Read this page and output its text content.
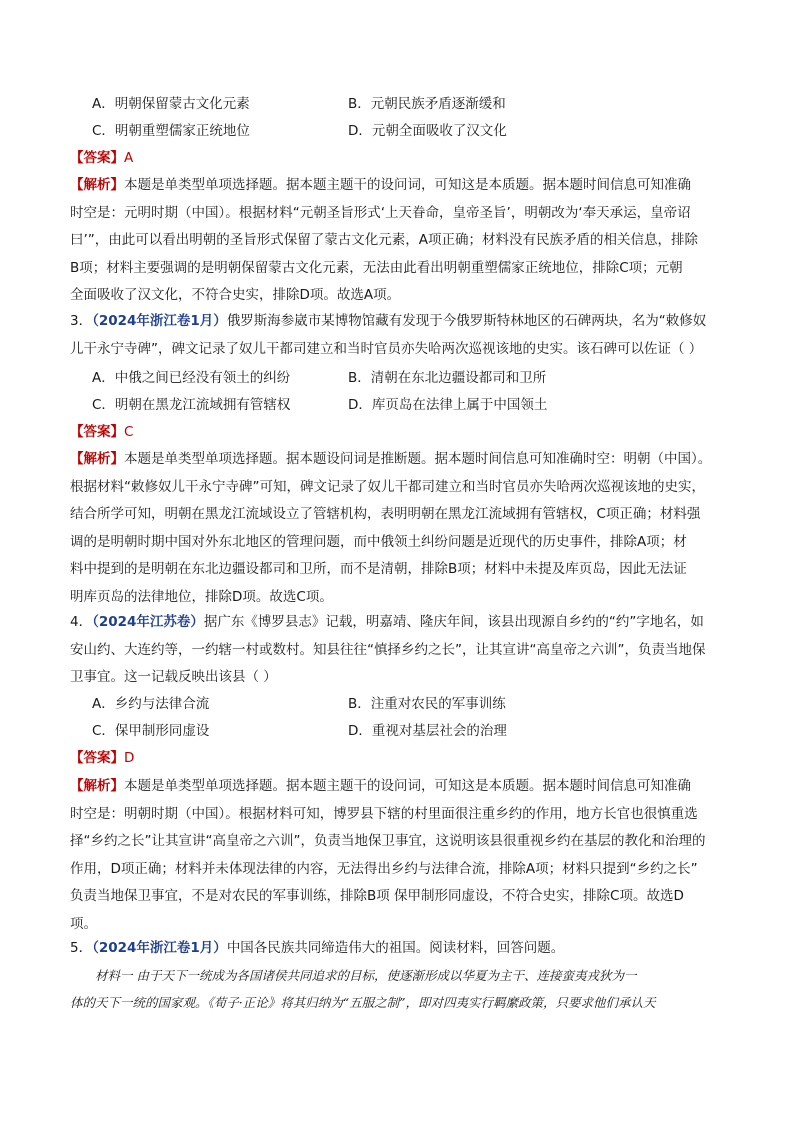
A．明朝保留蒙古文化元素	B．元朝民族矛盾逐渐缓和
C．明朝重塑儒家正统地位	D．元朝全面吸收了汉文化
【答案】A
【解析】本题是单类型单项选择题。据本题主题干的设问词，可知这是本质题。据本题时间信息可知准确
时空是：元明时期（中国）。根据材料“元朝圣旨形式‘上天眷命，皇帝圣旨’，明朝改为‘奉天承运，皇帝诏
曰’”，由此可以看出明朝的圣旨形式保留了蒙古文化元素，A项正确；材料没有民族矛盾的相关信息，排除
B项；材料主要强调的是明朝保留蒙古文化元素，无法由此看出明朝重塑儒家正统地位，排除C项；元朝
全面吸收了汉文化，不符合史实，排除D项。故选A项。
3．（2024年浙江卷1月）俄罗斯海参崴市某博物馆藏有发现于今俄罗斯特林地区的石碑两块，名为“敕修奴
儿干永宁寺碑”，碑文记录了奴儿干都司建立和当时官员亦失哈两次巡视该地的史实。该石碑可以佐证（ ）
A．中俄之间已经没有领土的纠纷	B．清朝在东北边疆设都司和卫所
C．明朝在黑龙江流域拥有管辖权	D．库页岛在法律上属于中国领土
【答案】C
【解析】本题是单类型单项选择题。据本题设问词是推断题。据本题时间信息可知准确时空：明朝（中国）。
根据材料“敕修奴儿干永宁寺碑”可知，碑文记录了奴儿干都司建立和当时官员亦失哈两次巡视该地的史实，
结合所学可知，明朝在黑龙江流域设立了管辖机构，表明明朝在黑龙江流域拥有管辖权，C项正确；材料强
调的是明朝时期中国对外东北地区的管理问题，而中俄领土纠纷问题是近现代的历史事件，排除A项；材
料中提到的是明朝在东北边疆设都司和卫所，而不是清朝，排除B项；材料中未提及库页岛，因此无法证
明库页岛的法律地位，排除D项。故选C项。
4．（2024年江苏卷）据广东《博罗县志》记载，明嘉靖、隆庆年间，该县出现源自乡约的“约”字地名，如
安山约、大连约等，一约辖一村或数村。知县往往“慎择乡约之长”，让其宣讲“高皇帝之六训”，负责当地保
卫事宜。这一记载反映出该县（ ）
A．乡约与法律合流	B．注重对农民的军事训练
C．保甲制形同虚设	D．重视对基层社会的治理
【答案】D
【解析】本题是单类型单项选择题。据本题主题干的设问词，可知这是本质题。据本题时间信息可知准确
时空是：明朝时期（中国）。根据材料可知，博罗县下辖的村里面很注重乡约的作用，地方长官也很慎重选
择“乡约之长”让其宣讲“高皇帝之六训”，负责当地保卫事宜，这说明该县很重视乡约在基层的教化和治理的
作用，D项正确；材料并未体现法律的内容，无法得出乡约与法律合流，排除A项；材料只提到“乡约之长”
负责当地保卫事宜，不是对农民的军事训练，排除B项 保甲制形同虚设，不符合史实，排除C项。故选D
项。
5．（2024年浙江卷1月）中国各民族共同缔造伟大的祖国。阅读材料，回答问题。
材料一 由于天下一统成为各国诸侯共同追求的目标，使逐渐形成以华夏为主干、连接蛮夷戎狄为一
体的天下一统的国家观。《荀子·正论》将其归纳为“五服之制”，即对四夷实行羁縻政策，只要求他们承认天
